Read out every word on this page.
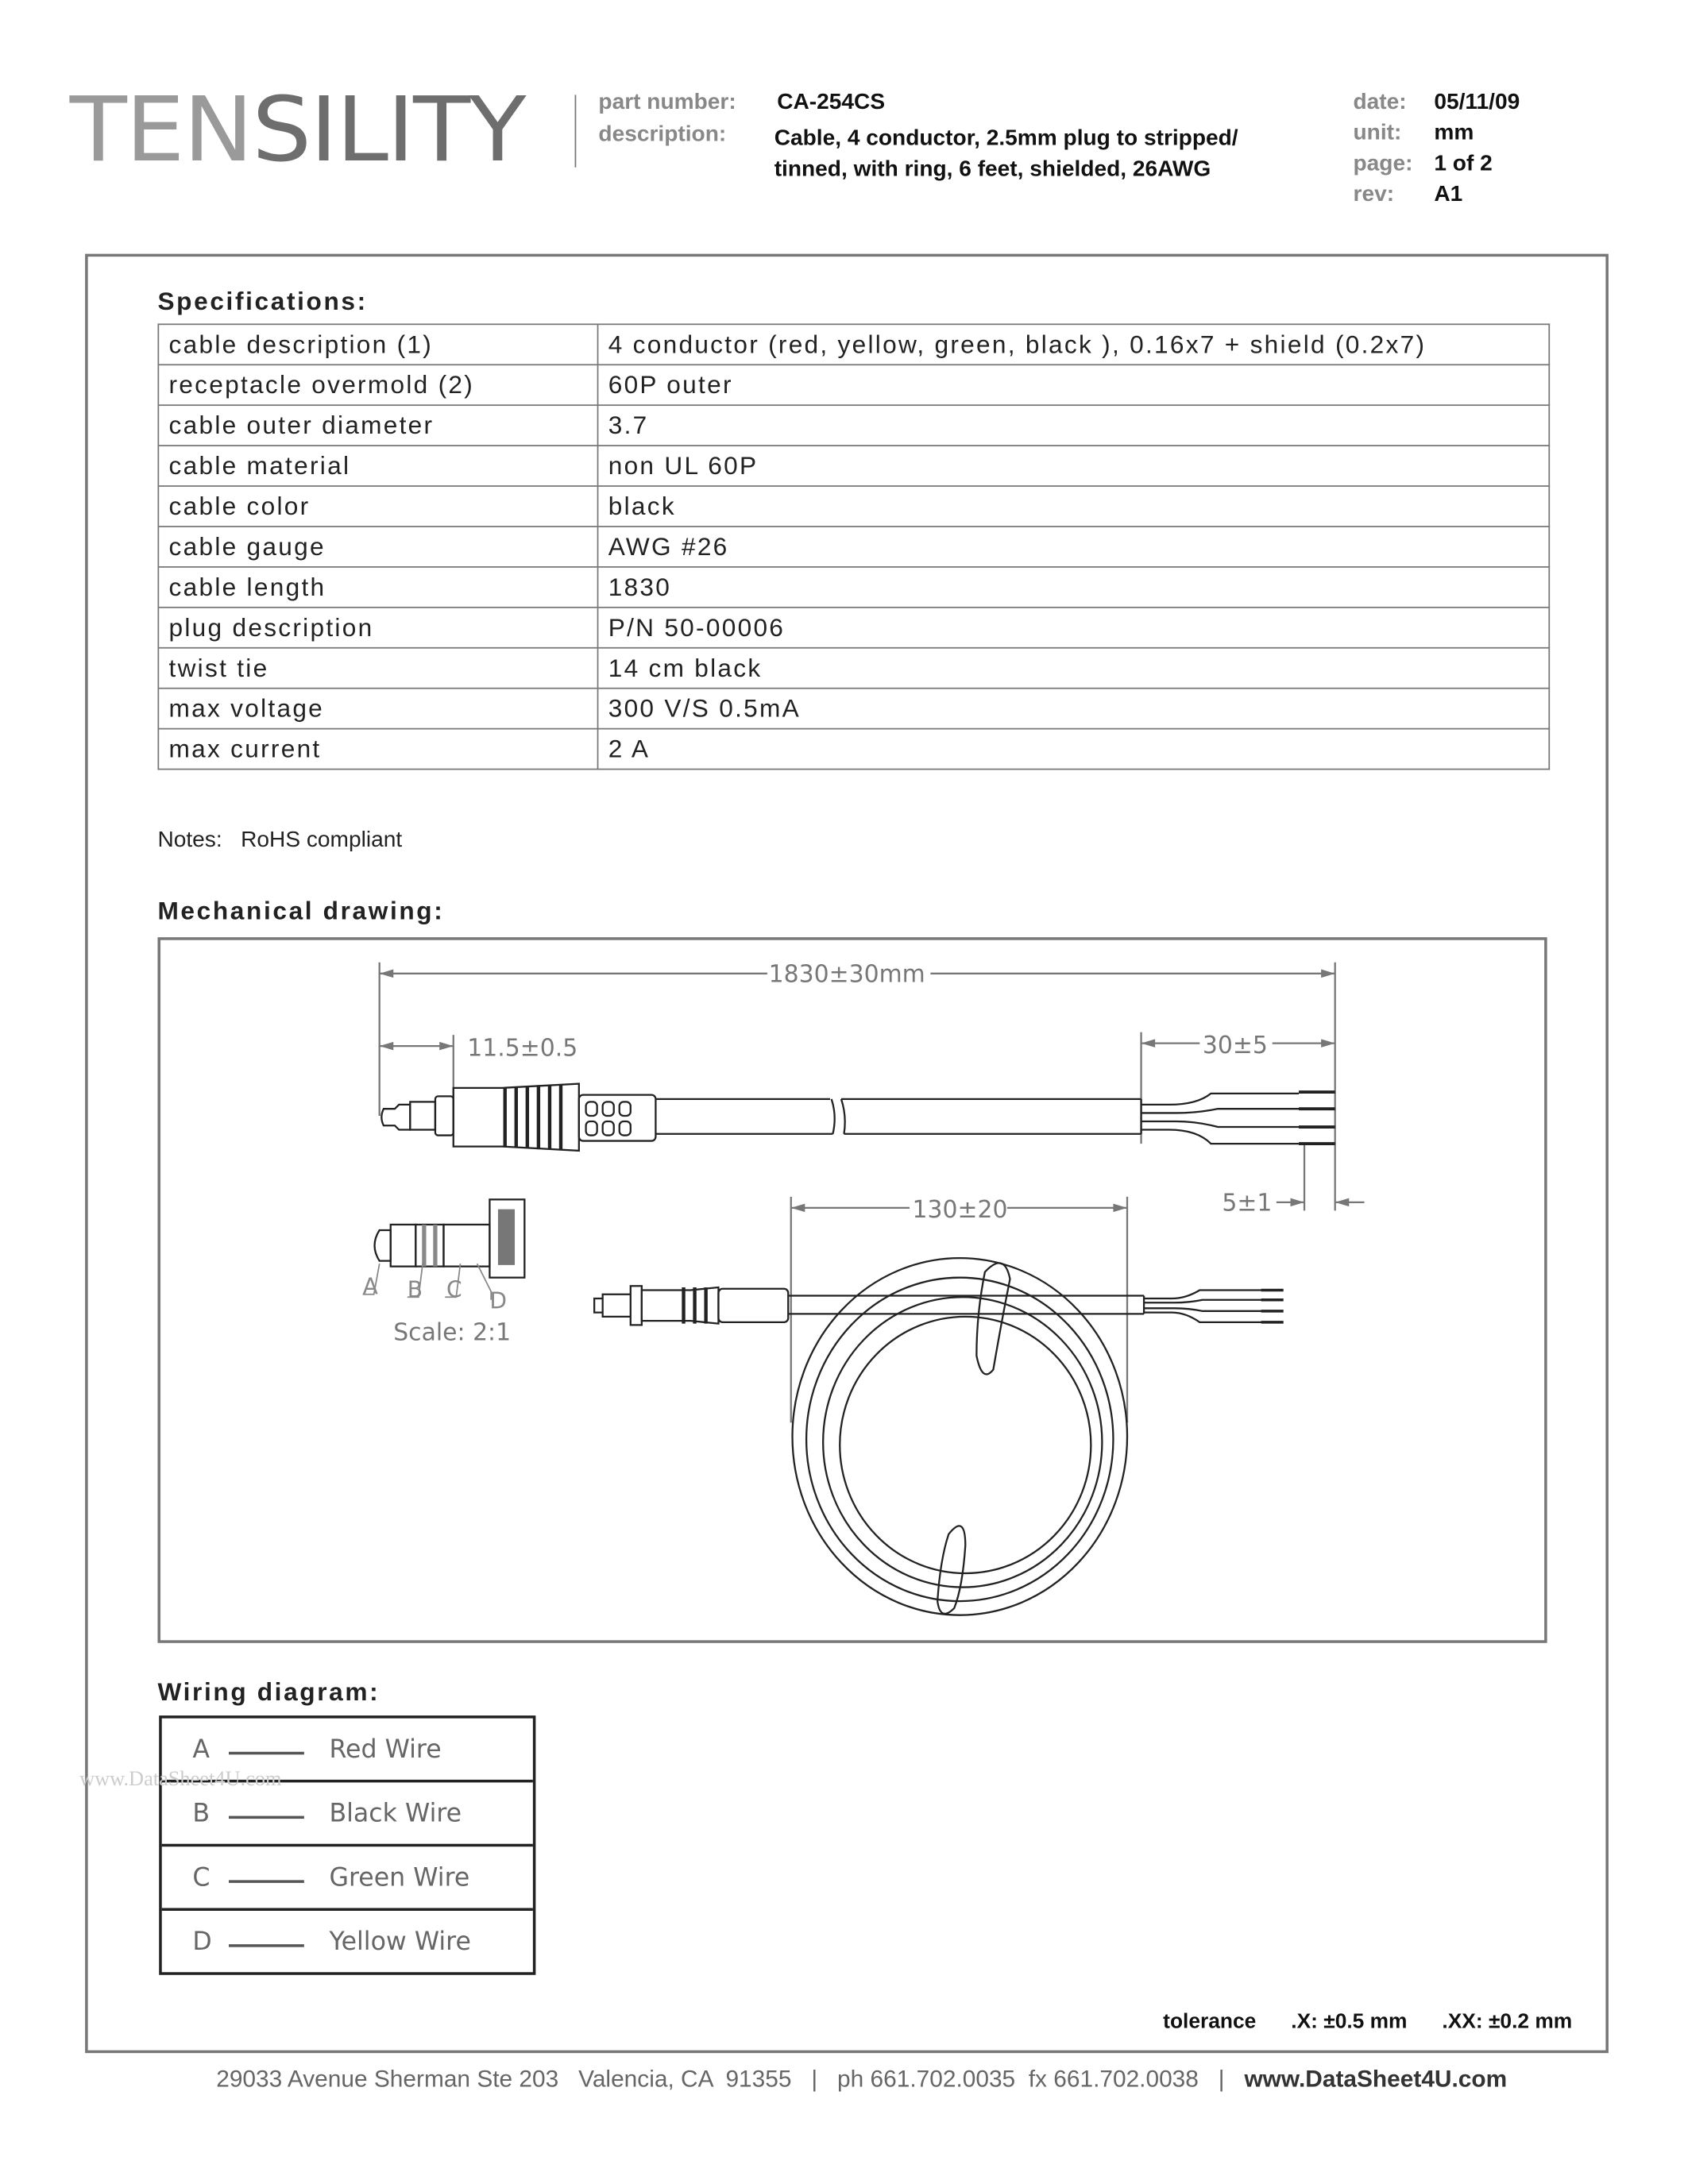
TENSILITY	part number:	CA-254CS
description:	Cable, 4 conductor, 2.5mm plug to stripped/
tinned, with ring, 6 feet, shielded, 26AWG
date: 05/11/09
unit:	mm
page: 1 of 2
rev:	A1
Specifications:
cable description (1)	4 conductor (red, yellow, green, black ), 0.16x7 + shield (0.2x7)
receptacle overmold (2)	60P outer
cable outer diameter	3.7
cable material	non UL 60P
cable color	black
cable gauge	AWG #26
cable length	1830
plug description	P/N 50-00006
twist tie	14 cm black
max voltage	300 V/S 0.5mA
max current	2 A
Notes: RoHS compliant
Mechanical drawing:
1830±30mm
11.5±0.5	30±5
5±1
130±20
Scale: 2:1
A B C D
Wiring diagram:
A	Red Wire
B	Black Wire
C	Green Wire
D	Yellow Wire
www.DataSheet4U.com
tolerance	.X: ±0.5 mm	.XX: ±0.2 mm
29033 Avenue Sherman Ste 203   Valencia, CA  91355   |   ph 661.702.0035  fx 661.702.0038   |   www.DataSheet4U.com
